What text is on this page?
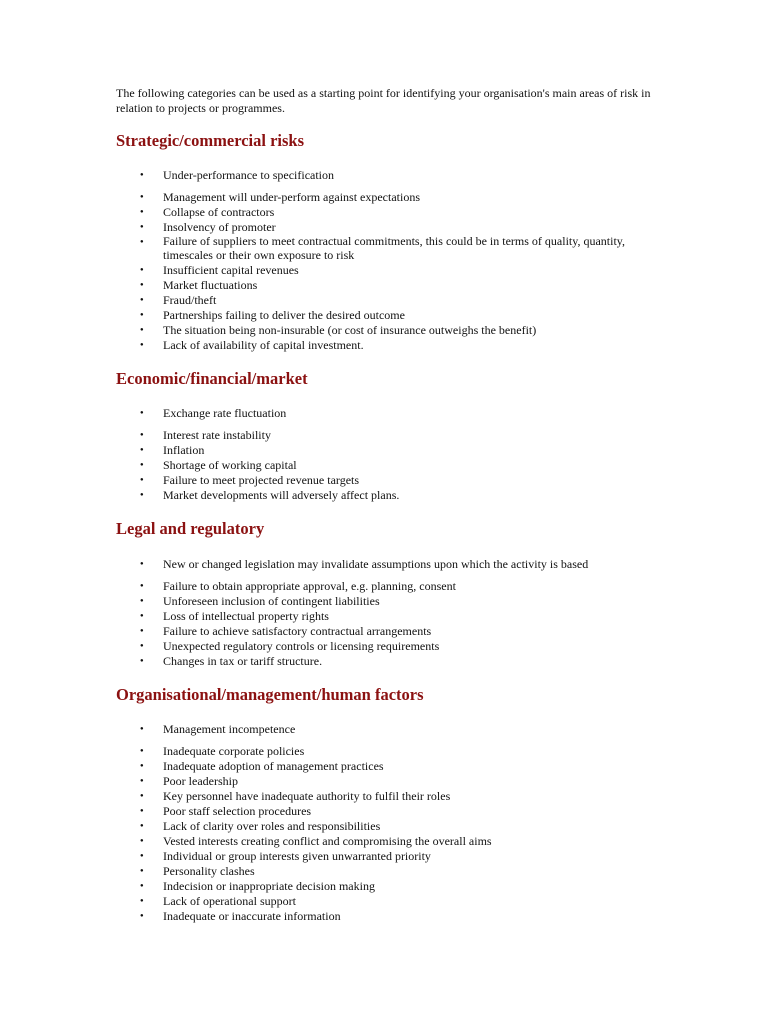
The following categories can be used as a starting point for identifying your organisation's main areas of risk in relation to projects or programmes.

Strategic/commercial risks
● Under-performance to specification
● Management will under-perform against expectations
● Collapse of contractors
● Insolvency of promoter
● Failure of suppliers to meet contractual commitments, this could be in terms of quality, quantity, timescales or their own exposure to risk
● Insufficient capital revenues
● Market fluctuations
● Fraud/theft
● Partnerships failing to deliver the desired outcome
● The situation being non-insurable (or cost of insurance outweighs the benefit)
● Lack of availability of capital investment.
Economic/financial/market
● Exchange rate fluctuation
● Interest rate instability
● Inflation
● Shortage of working capital
● Failure to meet projected revenue targets
● Market developments will adversely affect plans.
Legal and regulatory
● New or changed legislation may invalidate assumptions upon which the activity is based
● Failure to obtain appropriate approval, e.g. planning, consent
● Unforeseen inclusion of contingent liabilities
● Loss of intellectual property rights
● Failure to achieve satisfactory contractual arrangements
● Unexpected regulatory controls or licensing requirements
● Changes in tax or tariff structure.
Organisational/management/human factors
● Management incompetence
● Inadequate corporate policies
● Inadequate adoption of management practices
● Poor leadership
● Key personnel have inadequate authority to fulfil their roles
● Poor staff selection procedures
● Lack of clarity over roles and responsibilities
● Vested interests creating conflict and compromising the overall aims
● Individual or group interests given unwarranted priority
● Personality clashes
● Indecision or inappropriate decision making
● Lack of operational support
● Inadequate or inaccurate information
